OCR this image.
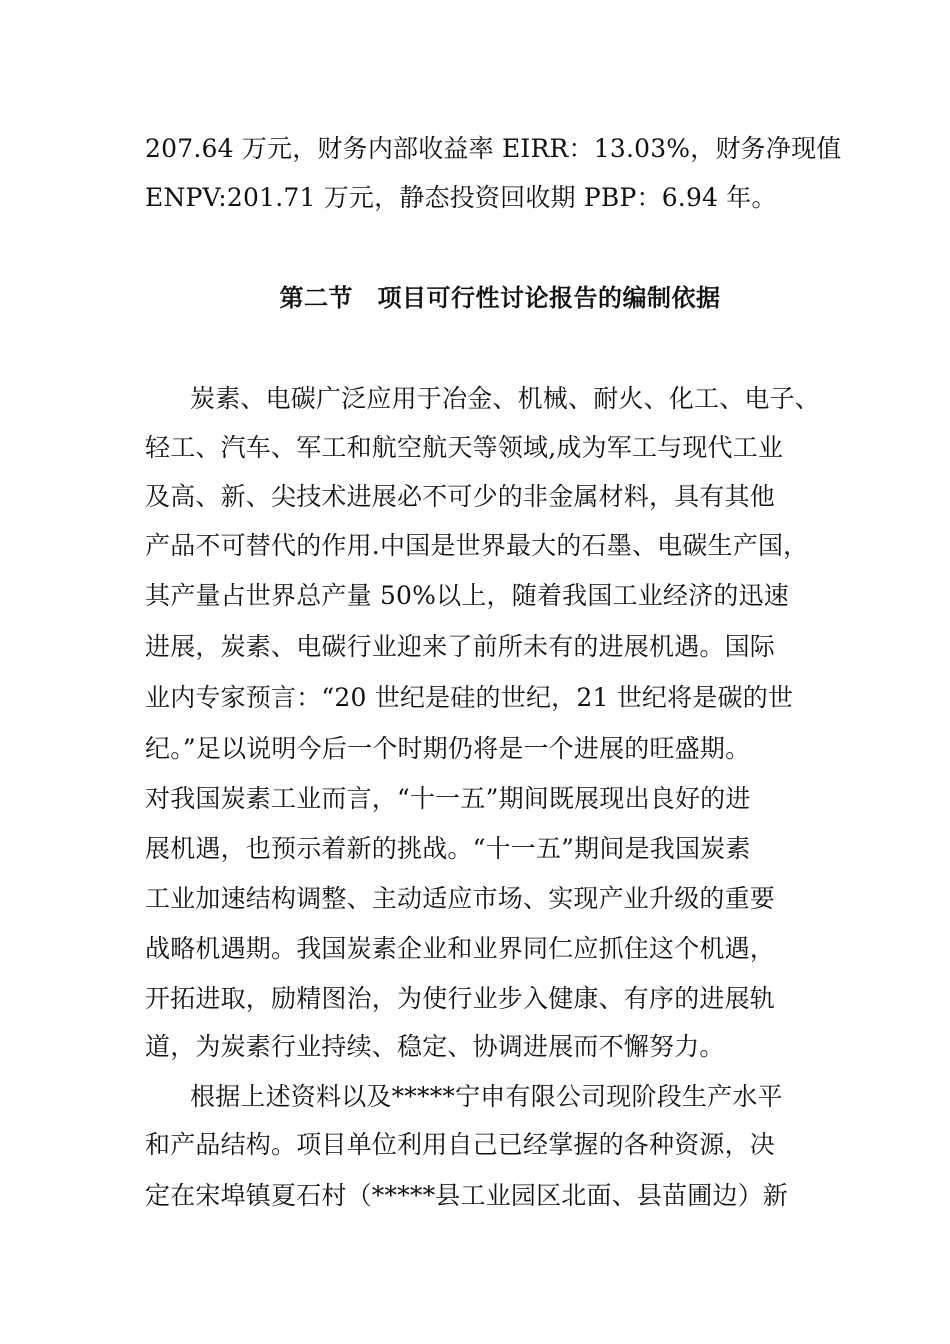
207.64 万元，财务内部收益率 EIRR：13.03%，财务净现值
ENPV:201.71 万元，静态投资回收期 PBP：6.94 年。
第二节　项目可行性讨论报告的编制依据
炭素、电碳广泛应用于冶金、机械、耐火、化工、电子、
轻工、汽车、军工和航空航天等领域,成为军工与现代工业
及高、新、尖技术进展必不可少的非金属材料，具有其他
产品不可替代的作用.中国是世界最大的石墨、电碳生产国，
其产量占世界总产量 50%以上，随着我国工业经济的迅速
进展，炭素、电碳行业迎来了前所未有的进展机遇。国际
业内专家预言：“20 世纪是硅的世纪，21 世纪将是碳的世
纪。”足以说明今后一个时期仍将是一个进展的旺盛期。
对我国炭素工业而言，“十一五”期间既展现出良好的进
展机遇，也预示着新的挑战。“十一五”期间是我国炭素
工业加速结构调整、主动适应市场、实现产业升级的重要
战略机遇期。我国炭素企业和业界同仁应抓住这个机遇，
开拓进取，励精图治，为使行业步入健康、有序的进展轨
道，为炭素行业持续、稳定、协调进展而不懈努力。
根据上述资料以及*****宁申有限公司现阶段生产水平
和产品结构。项目单位利用自己已经掌握的各种资源，决
定在宋埠镇夏石村（*****县工业园区北面、县苗圃边）新
